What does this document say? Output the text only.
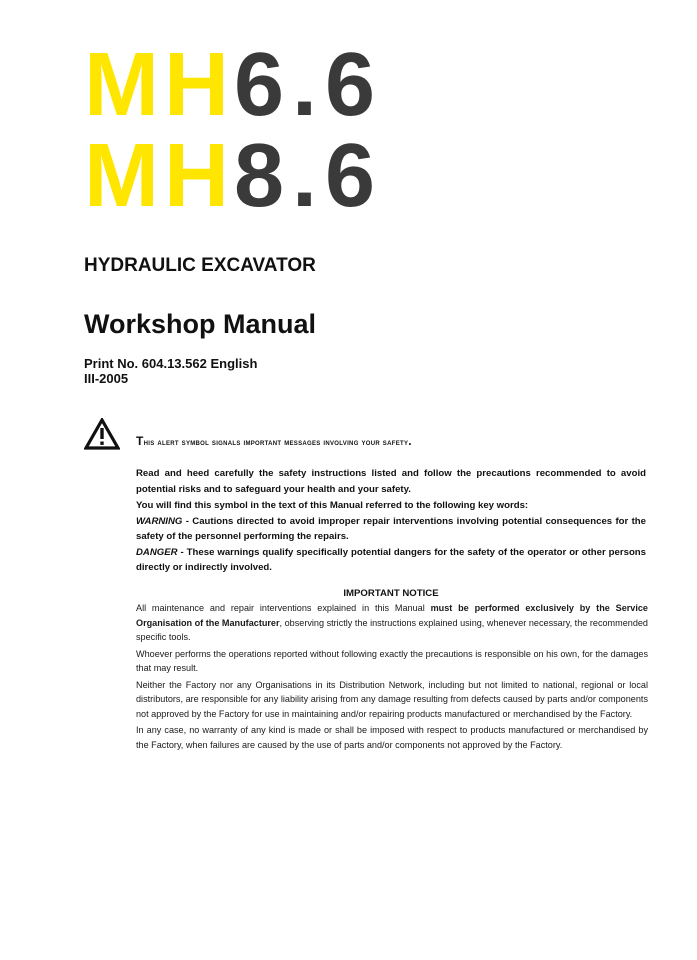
MH6.6
MH8.6
HYDRAULIC EXCAVATOR
Workshop Manual
Print No. 604.13.562 English
III-2005
This alert symbol signals important messages involving your safety.

Read and heed carefully the safety instructions listed and follow the precautions recommended to avoid potential risks and to safeguard your health and your safety.

You will find this symbol in the text of this Manual referred to the following key words:

WARNING - Cautions directed to avoid improper repair interventions involving potential consequences for the safety of the personnel performing the repairs.

DANGER - These warnings qualify specifically potential dangers for the safety of the operator or other persons directly or indirectly involved.

IMPORTANT NOTICE

All maintenance and repair interventions explained in this Manual must be performed exclusively by the Service Organisation of the Manufacturer, observing strictly the instructions explained using, whenever necessary, the recommended specific tools.

Whoever performs the operations reported without following exactly the precautions is responsible on his own, for the damages that may result.

Neither the Factory nor any Organisations in its Distribution Network, including but not limited to national, regional or local distributors, are responsible for any liability arising from any damage resulting from defects caused by parts and/or components not approved by the Factory for use in maintaining and/or repairing products manufactured or merchandised by the Factory.

In any case, no warranty of any kind is made or shall be imposed with respect to products manufactured or merchandised by the Factory, when failures are caused by the use of parts and/or components not approved by the Factory.
